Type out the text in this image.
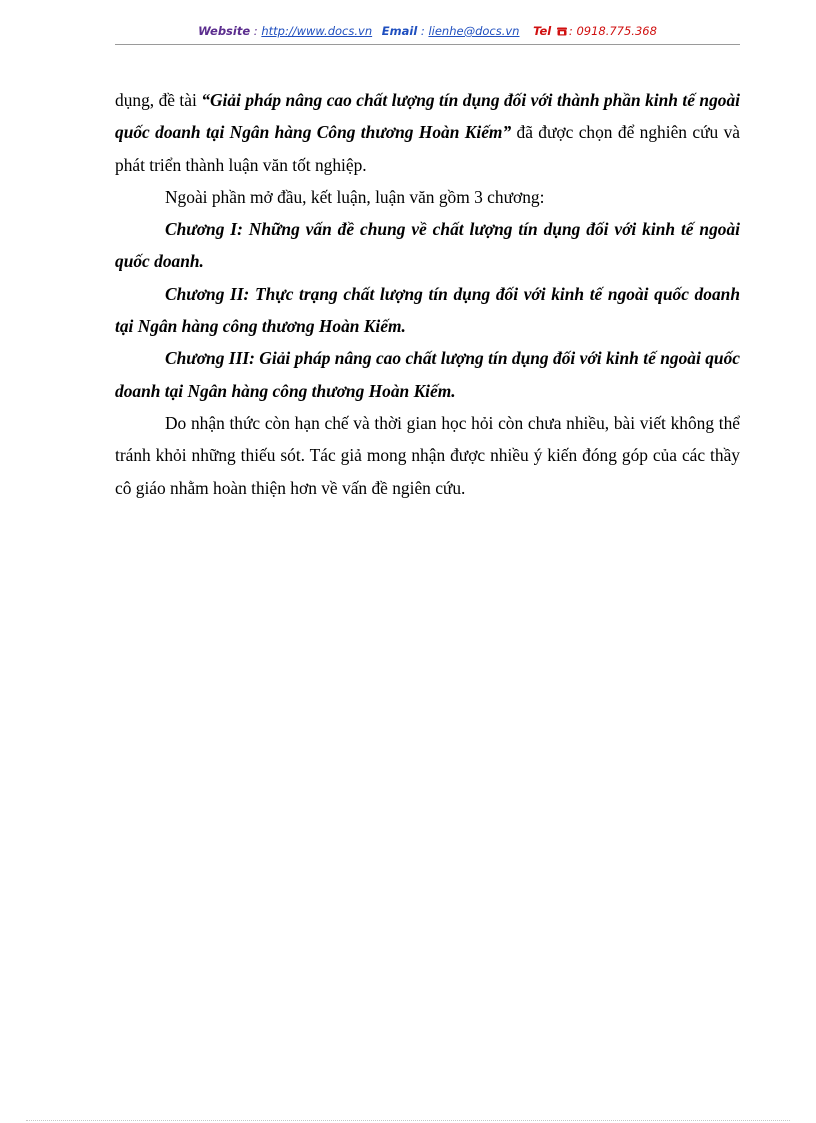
Website : http://www.docs.vn Email : lienhe@docs.vn Tel : 0918.775.368

dụng, đề tài “Giải pháp nâng cao chất lượng tín dụng đối với thành phần kinh tế ngoài quốc doanh tại Ngân hàng Công thương Hoàn Kiếm” đã được chọn để nghiên cứu và phát triển thành luận văn tốt nghiệp.

Ngoài phần mở đầu, kết luận, luận văn gồm 3 chương:

Chương I: Những vấn đề chung về chất lượng tín dụng đối với kinh tế ngoài quốc doanh.

Chương II: Thực trạng chất lượng tín dụng đối với kinh tế ngoài quốc doanh tại Ngân hàng công thương Hoàn Kiếm.

Chương III: Giải pháp nâng cao chất lượng tín dụng đối với kinh tế ngoài quốc doanh tại Ngân hàng công thương Hoàn Kiếm.

Do nhận thức còn hạn chế và thời gian học hỏi còn chưa nhiều, bài viết không thể tránh khỏi những thiếu sót. Tác giả mong nhận được nhiều ý kiến đóng góp của các thầy cô giáo nhằm hoàn thiện hơn về vấn đề ngiên cứu.
